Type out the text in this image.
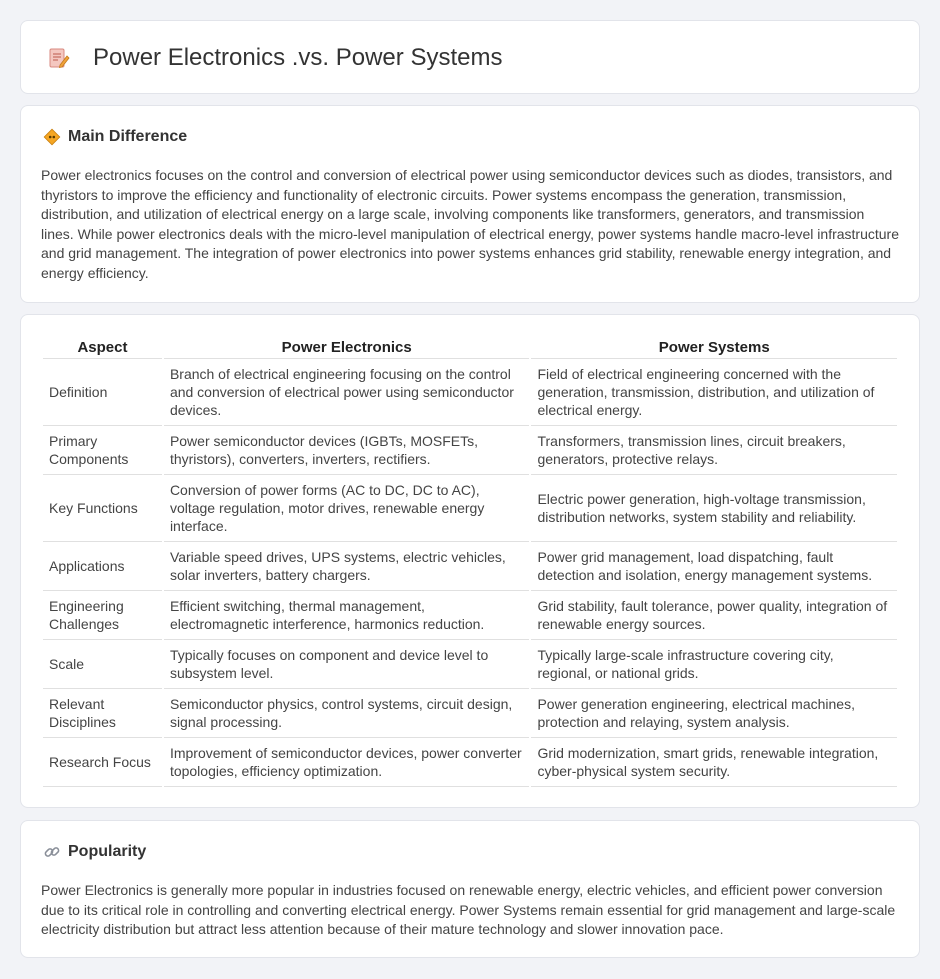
Power Electronics .vs. Power Systems
Main Difference

Power electronics focuses on the control and conversion of electrical power using semiconductor devices such as diodes, transistors, and thyristors to improve the efficiency and functionality of electronic circuits. Power systems encompass the generation, transmission, distribution, and utilization of electrical energy on a large scale, involving components like transformers, generators, and transmission lines. While power electronics deals with the micro-level manipulation of electrical energy, power systems handle macro-level infrastructure and grid management. The integration of power electronics into power systems enhances grid stability, renewable energy integration, and energy efficiency.

Aspect	Power Electronics	Power Systems
Definition	Branch of electrical engineering focusing on the control and conversion of electrical power using semiconductor devices.	Field of electrical engineering concerned with the generation, transmission, distribution, and utilization of electrical energy.
Primary Components	Power semiconductor devices (IGBTs, MOSFETs, thyristors), converters, inverters, rectifiers.	Transformers, transmission lines, circuit breakers, generators, protective relays.
Key Functions	Conversion of power forms (AC to DC, DC to AC), voltage regulation, motor drives, renewable energy interface.	Electric power generation, high-voltage transmission, distribution networks, system stability and reliability.
Applications	Variable speed drives, UPS systems, electric vehicles, solar inverters, battery chargers.	Power grid management, load dispatching, fault detection and isolation, energy management systems.
Engineering Challenges	Efficient switching, thermal management, electromagnetic interference, harmonics reduction.	Grid stability, fault tolerance, power quality, integration of renewable energy sources.
Scale	Typically focuses on component and device level to subsystem level.	Typically large-scale infrastructure covering city, regional, or national grids.
Relevant Disciplines	Semiconductor physics, control systems, circuit design, signal processing.	Power generation engineering, electrical machines, protection and relaying, system analysis.
Research Focus	Improvement of semiconductor devices, power converter topologies, efficiency optimization.	Grid modernization, smart grids, renewable integration, cyber-physical system security.
Popularity

Power Electronics is generally more popular in industries focused on renewable energy, electric vehicles, and efficient power conversion due to its critical role in controlling and converting electrical energy. Power Systems remain essential for grid management and large-scale electricity distribution but attract less attention because of their mature technology and slower innovation pace.
